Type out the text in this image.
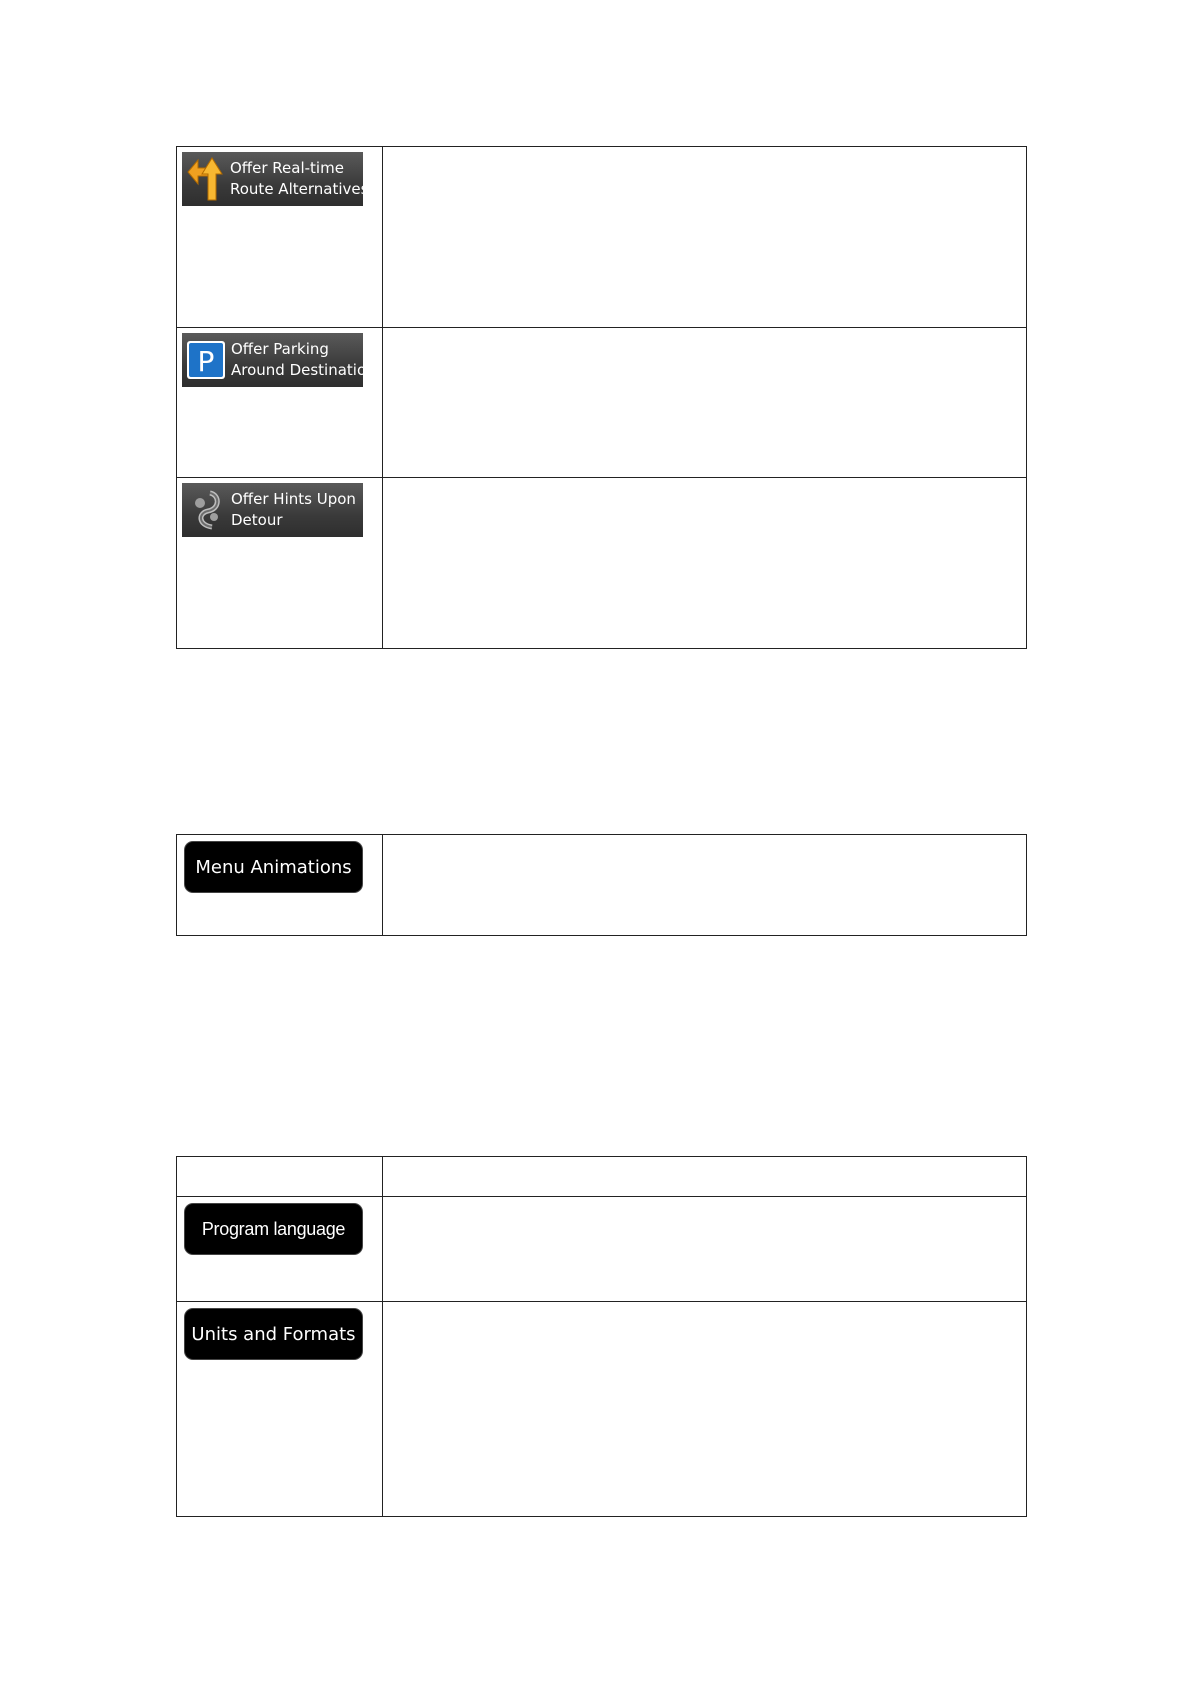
Offer Real-time
Route Alternatives	

P Offer Parking
Around Destination	

Offer Hints Upon
Detour	

Menu Animations

Program language	

Units and Formats	
